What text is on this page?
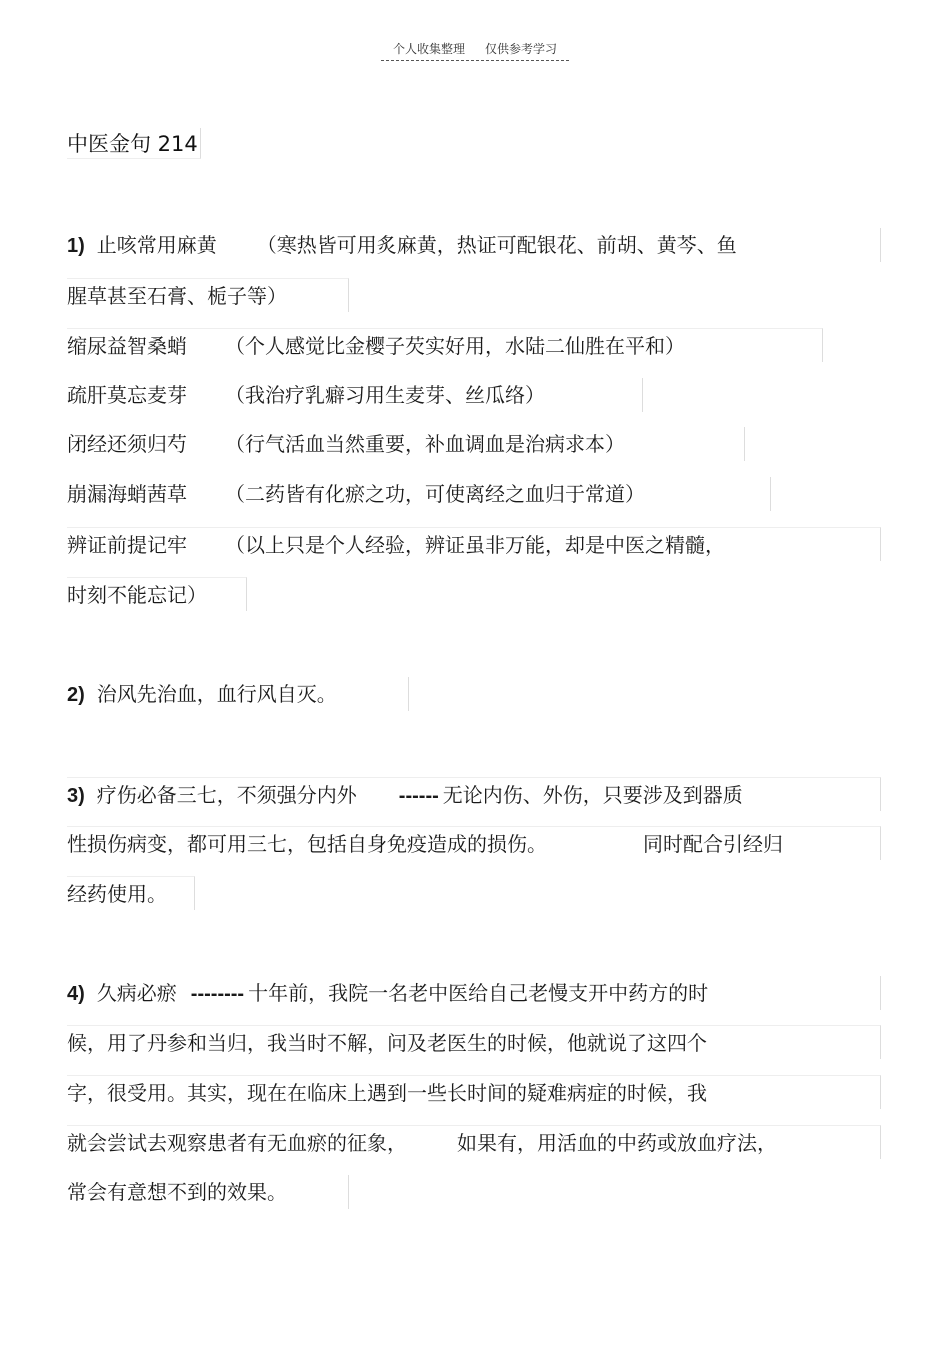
个人收集整理 仅供参考学习
中医金句 214
1) 止咳常用麻黄 （寒热皆可用炙麻黄，热证可配银花、前胡、黄芩、鱼
腥草甚至石膏、栀子等）
缩尿益智桑蛸 （个人感觉比金樱子芡实好用，水陆二仙胜在平和）
疏肝莫忘麦芽 （我治疗乳癖习用生麦芽、丝瓜络）
闭经还须归芍 （行气活血当然重要，补血调血是治病求本）
崩漏海蛸茜草 （二药皆有化瘀之功，可使离经之血归于常道）
辨证前提记牢 （以上只是个人经验，辨证虽非万能，却是中医之精髓，
时刻不能忘记）
2) 治风先治血，血行风自灭。
3) 疗伤必备三七，不须强分内外 ------ 无论内伤、外伤，只要涉及到器质
性损伤病变，都可用三七，包括自身免疫造成的损伤。	同时配合引经归
经药使用。
4) 久病必瘀 -------- 十年前，我院一名老中医给自己老慢支开中药方的时
候，用了丹参和当归，我当时不解，问及老医生的时候，他就说了这四个
字，很受用。其实，现在在临床上遇到一些长时间的疑难病症的时候，我
就会尝试去观察患者有无血瘀的征象，	如果有，用活血的中药或放血疗法，
常会有意想不到的效果。
